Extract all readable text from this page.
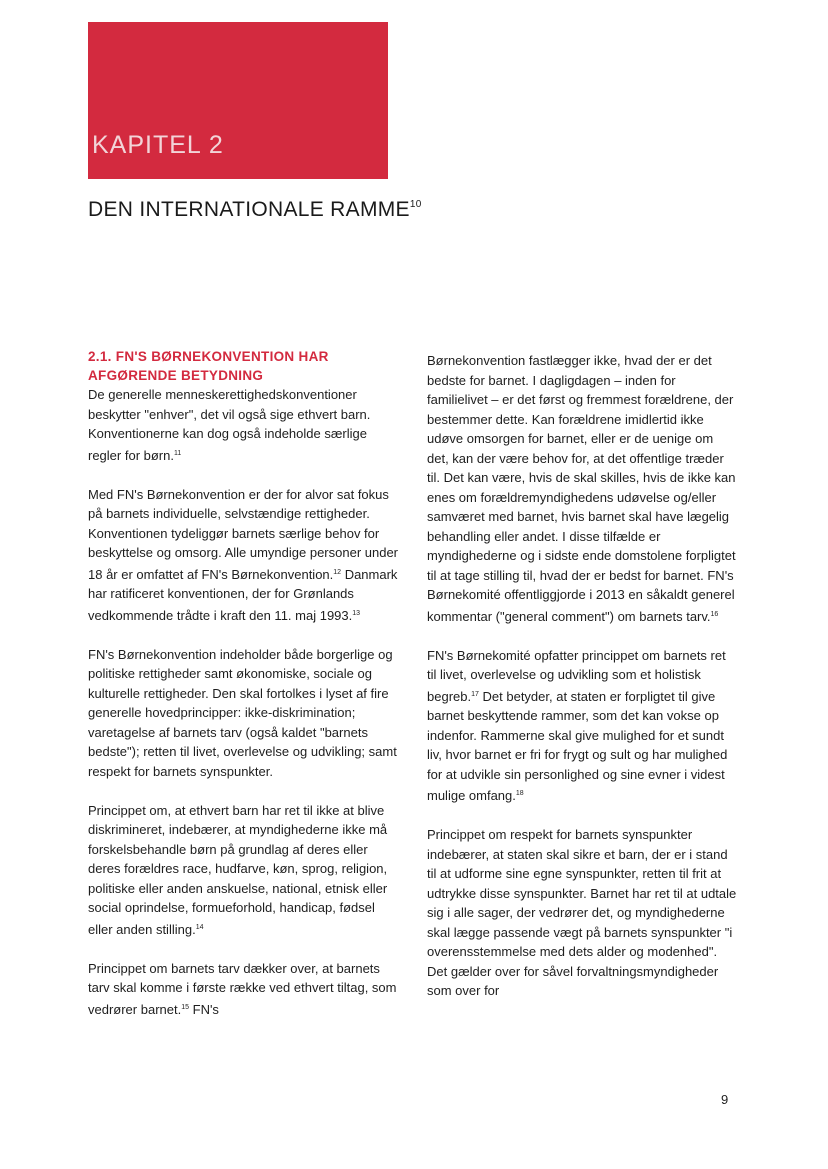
KAPITEL 2
DEN INTERNATIONALE RAMME$^{10}$
2.1. FN'S BØRNEKONVENTION HAR
AFGØRENDE BETYDNING

De generelle menneskerettighedskonventioner beskytter "enhver", det vil også sige ethvert barn. Konventionerne kan dog også indeholde særlige regler for børn.$^{11}$

Med FN's Børnekonvention er der for alvor sat fokus på barnets individuelle, selvstændige rettigheder. Konventionen tydeliggør barnets særlige behov for beskyttelse og omsorg. Alle umyndige personer under 18 år er omfattet af FN's Børnekonvention.$^{12}$ Danmark har ratificeret konventionen, der for Grønlands vedkommende trådte i kraft den 11. maj 1993.13

FN's Børnekonvention indeholder både borgerlige og politiske rettigheder samt økonomiske, sociale og kulturelle rettigheder. Den skal fortolkes i lyset af fire generelle hovedprincipper: ikke-diskrimination; varetagelse af barnets tarv (også kaldet "barnets bedste"); retten til livet, overlevelse og udvikling; samt respekt for barnets synspunkter.

Princippet om, at ethvert barn har ret til ikke at blive diskrimineret, indebærer, at myndighederne ikke må forskelsbehandle børn på grundlag af deres eller deres forældres race, hudfarve, køn, sprog, religion, politiske eller anden anskuelse, national, etnisk eller social oprindelse, formueforhold, handicap, fødsel eller anden stilling.$^{14}$

Princippet om barnets tarv dækker over, at barnets tarv skal komme i første række ved ethvert tiltag, som vedrører barnet.$^{15}$ FN's

Børnekonvention fastlægger ikke, hvad der er det bedste for barnet. I dagligdagen – inden for familielivet – er det først og fremmest forældrene, der bestemmer dette. Kan forældrene imidlertid ikke udøve omsorgen for barnet, eller er de uenige om det, kan der være behov for, at det offentlige træder til. Det kan være, hvis de skal skilles, hvis de ikke kan enes om forældremyndighedens udøvelse og/eller samværet med barnet, hvis barnet skal have lægelig behandling eller andet. I disse tilfælde er myndighederne og i sidste ende domstolene forpligtet til at tage stilling til, hvad der er bedst for barnet. FN's Børnekomité offentliggjorde i 2013 en såkaldt generel kommentar ("general comment") om barnets tarv.$^{16}$

FN's Børnekomité opfatter princippet om barnets ret til livet, overlevelse og udvikling som et holistisk begreb.$^{17}$ Det betyder, at staten er forpligtet til give barnet beskyttende rammer, som det kan vokse op indenfor. Rammerne skal give mulighed for et sundt liv, hvor barnet er fri for frygt og sult og har mulighed for at udvikle sin personlighed og sine evner i videst mulige omfang.$^{18}$

Princippet om respekt for barnets synspunkter indebærer, at staten skal sikre et barn, der er i stand til at udforme sine egne synspunkter, retten til frit at udtrykke disse synspunkter. Barnet har ret til at udtale sig i alle sager, der vedrører det, og myndighederne skal lægge passende vægt på barnets synspunkter "i overensstemmelse med dets alder og modenhed". Det gælder over for såvel forvaltningsmyndigheder som over for

9
